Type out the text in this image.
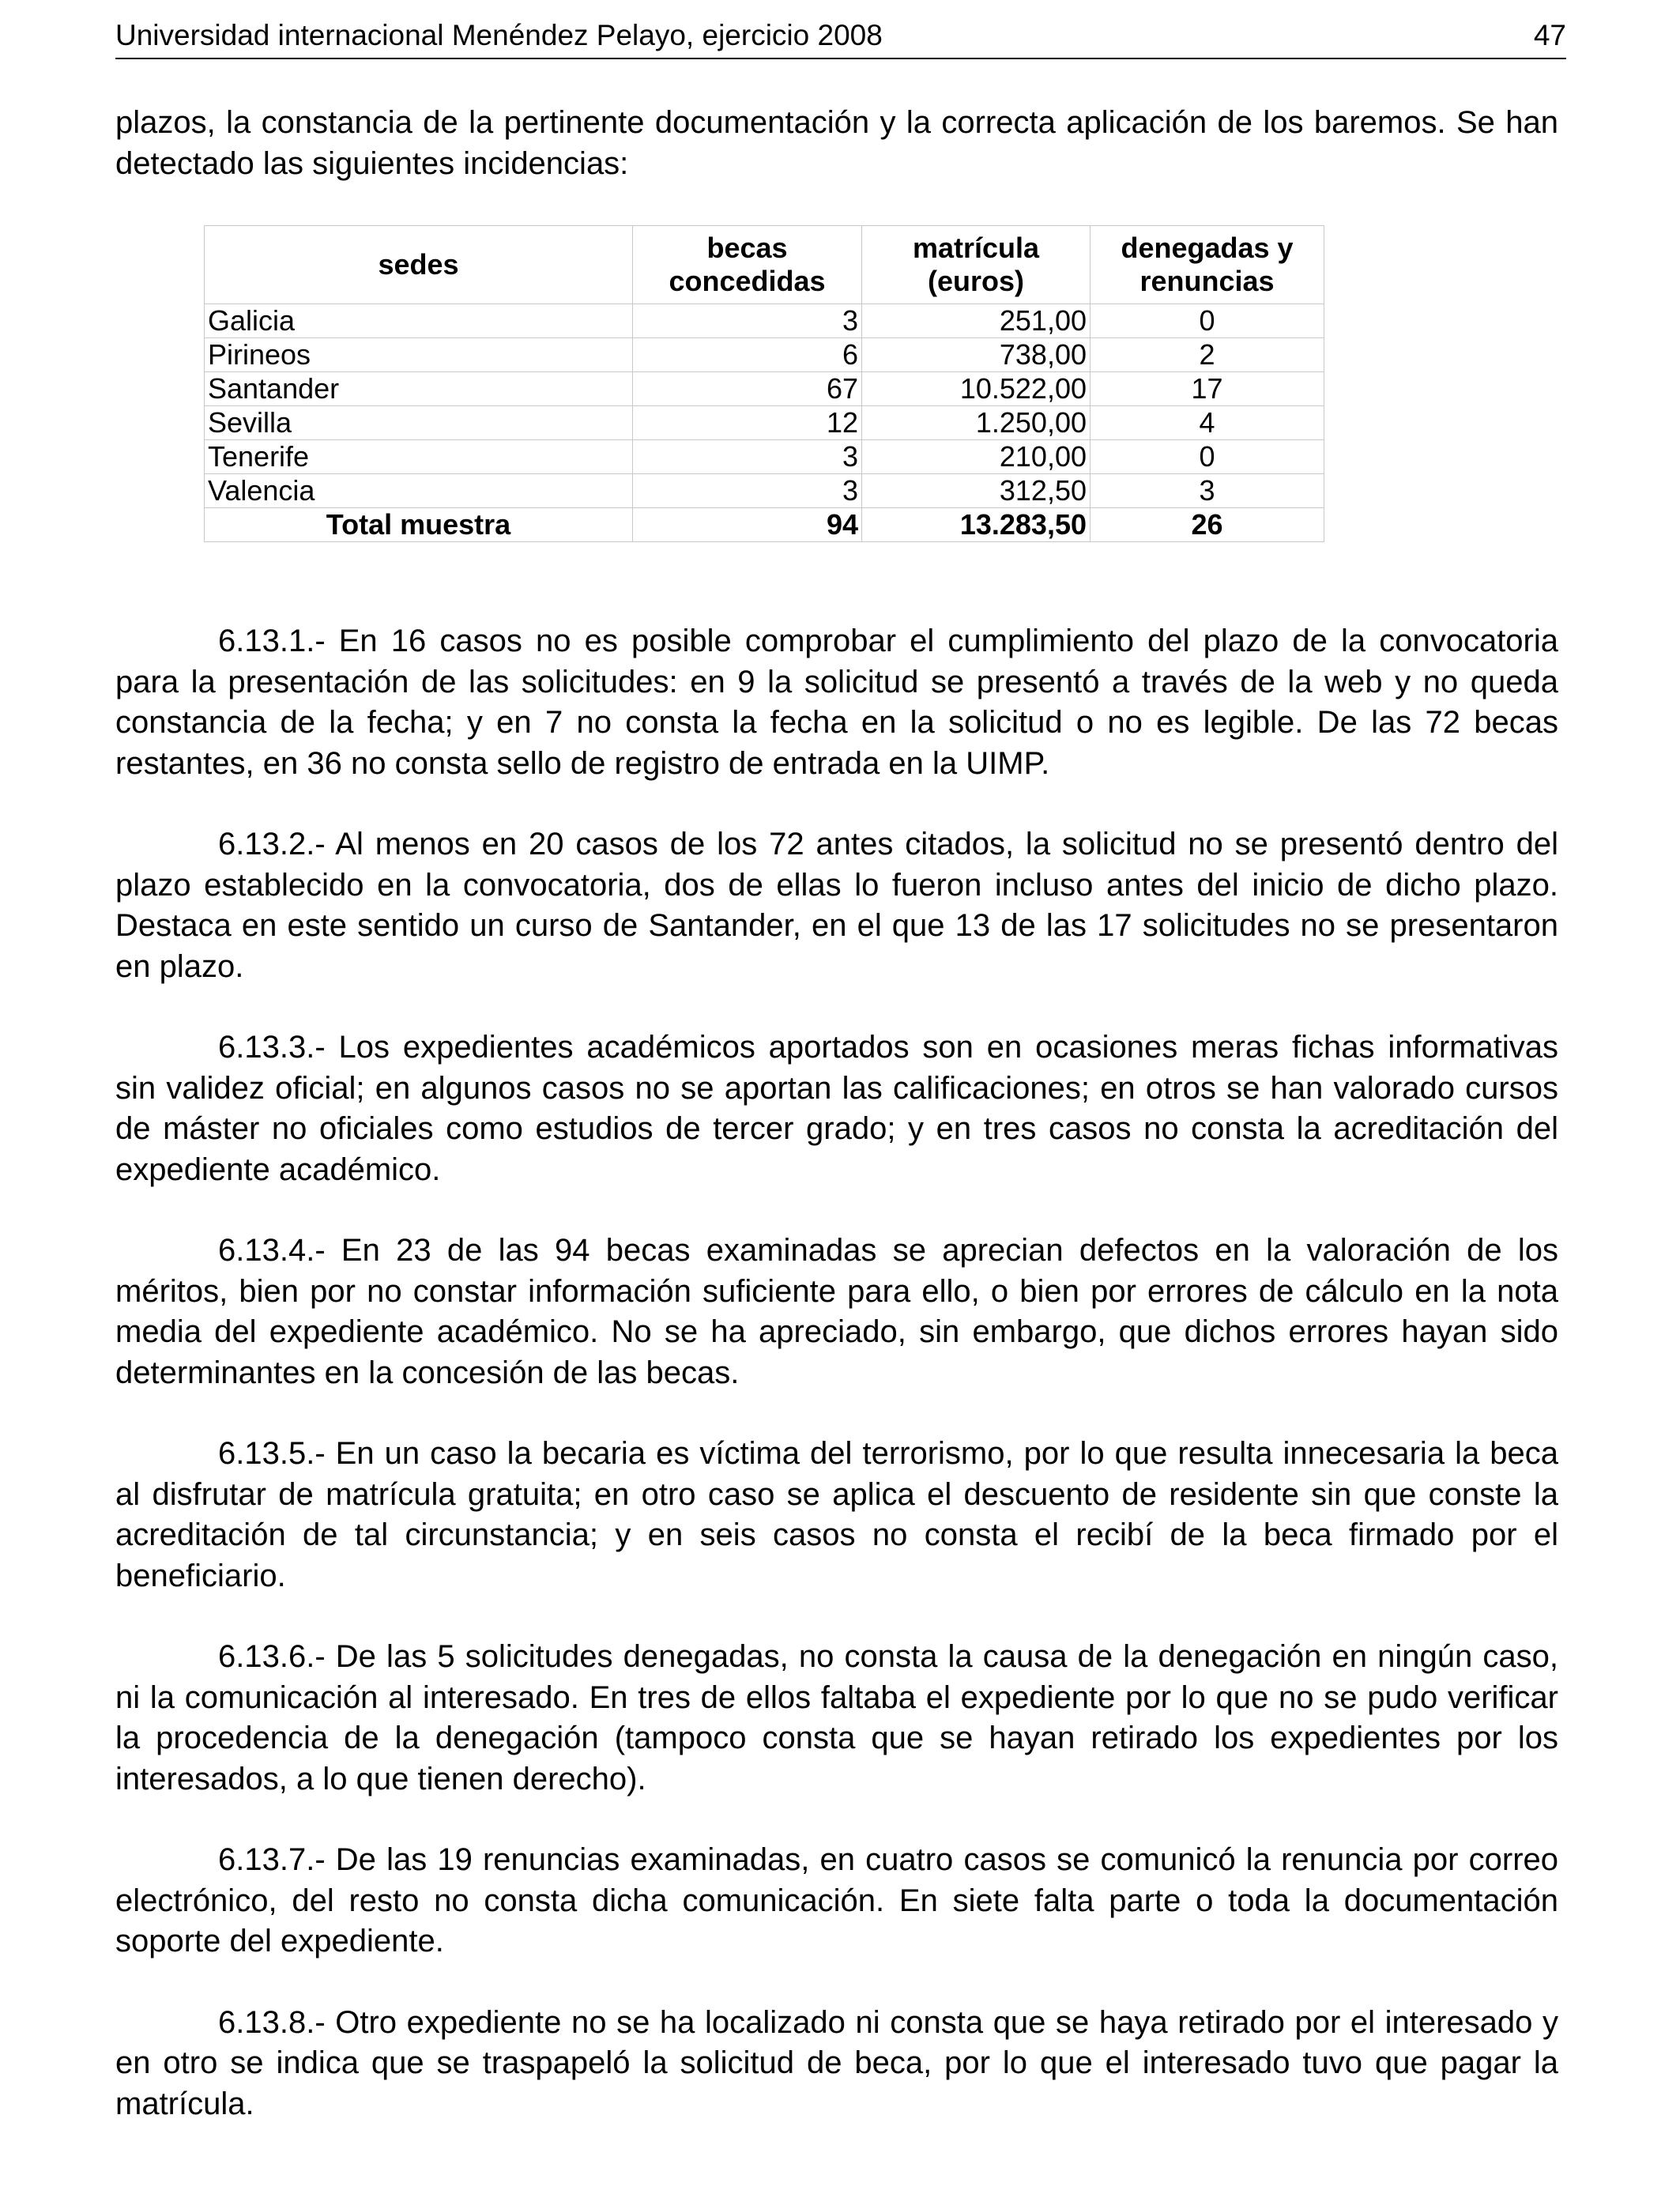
Universidad internacional Menéndez Pelayo, ejercicio 2008	47

plazos, la constancia de la pertinente documentación y la correcta aplicación de los baremos. Se han detectado las siguientes incidencias:

sedes	becas concedidas	matrícula (euros)	denegadas y renuncias
Galicia	3	251,00	0
Pirineos	6	738,00	2
Santander	67	10.522,00	17
Sevilla	12	1.250,00	4
Tenerife	3	210,00	0
Valencia	3	312,50	3
Total muestra	94	13.283,50	26

6.13.1.- En 16 casos no es posible comprobar el cumplimiento del plazo de la convocatoria para la presentación de las solicitudes: en 9 la solicitud se presentó a través de la web y no queda constancia de la fecha; y en 7 no consta la fecha en la solicitud o no es legible. De las 72 becas restantes, en 36 no consta sello de registro de entrada en la UIMP.

6.13.2.- Al menos en 20 casos de los 72 antes citados, la solicitud no se presentó dentro del plazo establecido en la convocatoria, dos de ellas lo fueron incluso antes del inicio de dicho plazo. Destaca en este sentido un curso de Santander, en el que 13 de las 17 solicitudes no se presentaron en plazo.

6.13.3.- Los expedientes académicos aportados son en ocasiones meras fichas informativas sin validez oficial; en algunos casos no se aportan las calificaciones; en otros se han valorado cursos de máster no oficiales como estudios de tercer grado; y en tres casos no consta la acreditación del expediente académico.

6.13.4.- En 23 de las 94 becas examinadas se aprecian defectos en la valoración de los méritos, bien por no constar información suficiente para ello, o bien por errores de cálculo en la nota media del expediente académico. No se ha apreciado, sin embargo, que dichos errores hayan sido determinantes en la concesión de las becas.

6.13.5.- En un caso la becaria es víctima del terrorismo, por lo que resulta innecesaria la beca al disfrutar de matrícula gratuita; en otro caso se aplica el descuento de residente sin que conste la acreditación de tal circunstancia; y en seis casos no consta el recibí de la beca firmado por el beneficiario.

6.13.6.- De las 5 solicitudes denegadas, no consta la causa de la denegación en ningún caso, ni la comunicación al interesado. En tres de ellos faltaba el expediente por lo que no se pudo verificar la procedencia de la denegación (tampoco consta que se hayan retirado los expedientes por los interesados, a lo que tienen derecho).

6.13.7.- De las 19 renuncias examinadas, en cuatro casos se comunicó la renuncia por correo electrónico, del resto no consta dicha comunicación. En siete falta parte o toda la documentación soporte del expediente.

6.13.8.- Otro expediente no se ha localizado ni consta que se haya retirado por el interesado y en otro se indica que se traspapeló la solicitud de beca, por lo que el interesado tuvo que pagar la matrícula.
